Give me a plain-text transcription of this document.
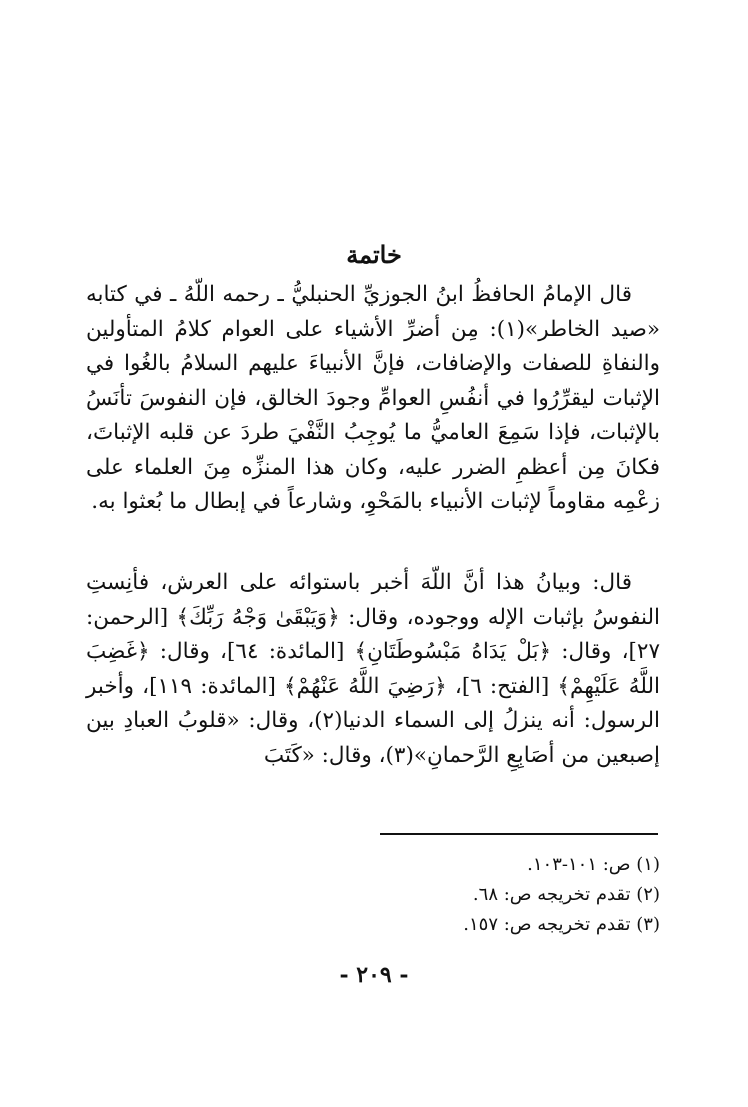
خاتمة

قال الإمامُ الحافظُ ابنُ الجوزيِّ الحنبليُّ ـ رحمه اللّهُ ـ في كتابه «صيد الخاطر»(١): مِن أضرِّ الأشياء على العوام كلامُ المتأولين والنفاةِ للصفات والإضافات، فإنَّ الأنبياءَ عليهم السلامُ بالغُوا في الإثبات ليقرِّرُوا في أنفُسِ العوامِّ وجودَ الخالق، فإن النفوسَ تأنَسُ بالإثبات، فإذا سَمِعَ العاميُّ ما يُوجِبُ النَّفْيَ طردَ عن قلبه الإثباتَ، فكانَ مِن أعظمِ الضرر عليه، وكان هذا المنزِّه مِنَ العلماء على زعْمِه مقاوماً لإثبات الأنبياء بالمَحْوِ، وشارعاً في إبطال ما بُعثوا به.

قال: وبيانُ هذا أنَّ اللّهَ أخبر باستوائه على العرش، فأنِستِ النفوسُ بإثبات الإله ووجوده، وقال: ﴿وَيَبْقَىٰ وَجْهُ رَبِّكَ﴾ [الرحمن: ٢٧]، وقال: ﴿بَلْ يَدَاهُ مَبْسُوطَتَانِ﴾ [المائدة: ٦٤]، وقال: ﴿غَضِبَ اللَّهُ عَلَيْهِمْ﴾ [الفتح: ٦]، ﴿رَضِيَ اللَّهُ عَنْهُمْ﴾ [المائدة: ١١٩]، وأخبر الرسول: أنه ينزلُ إلى السماء الدنيا(٢)، وقال: «قلوبُ العبادِ بين إصبعين من أصَابِعِ الرَّحمانِ»(٣)، وقال: «كَتَبَ

(١) ص: ١٠١-١٠٣.
(٢) تقدم تخريجه ص: ٦٨.
(٣) تقدم تخريجه ص: ١٥٧.
- ٢٠٩ -
